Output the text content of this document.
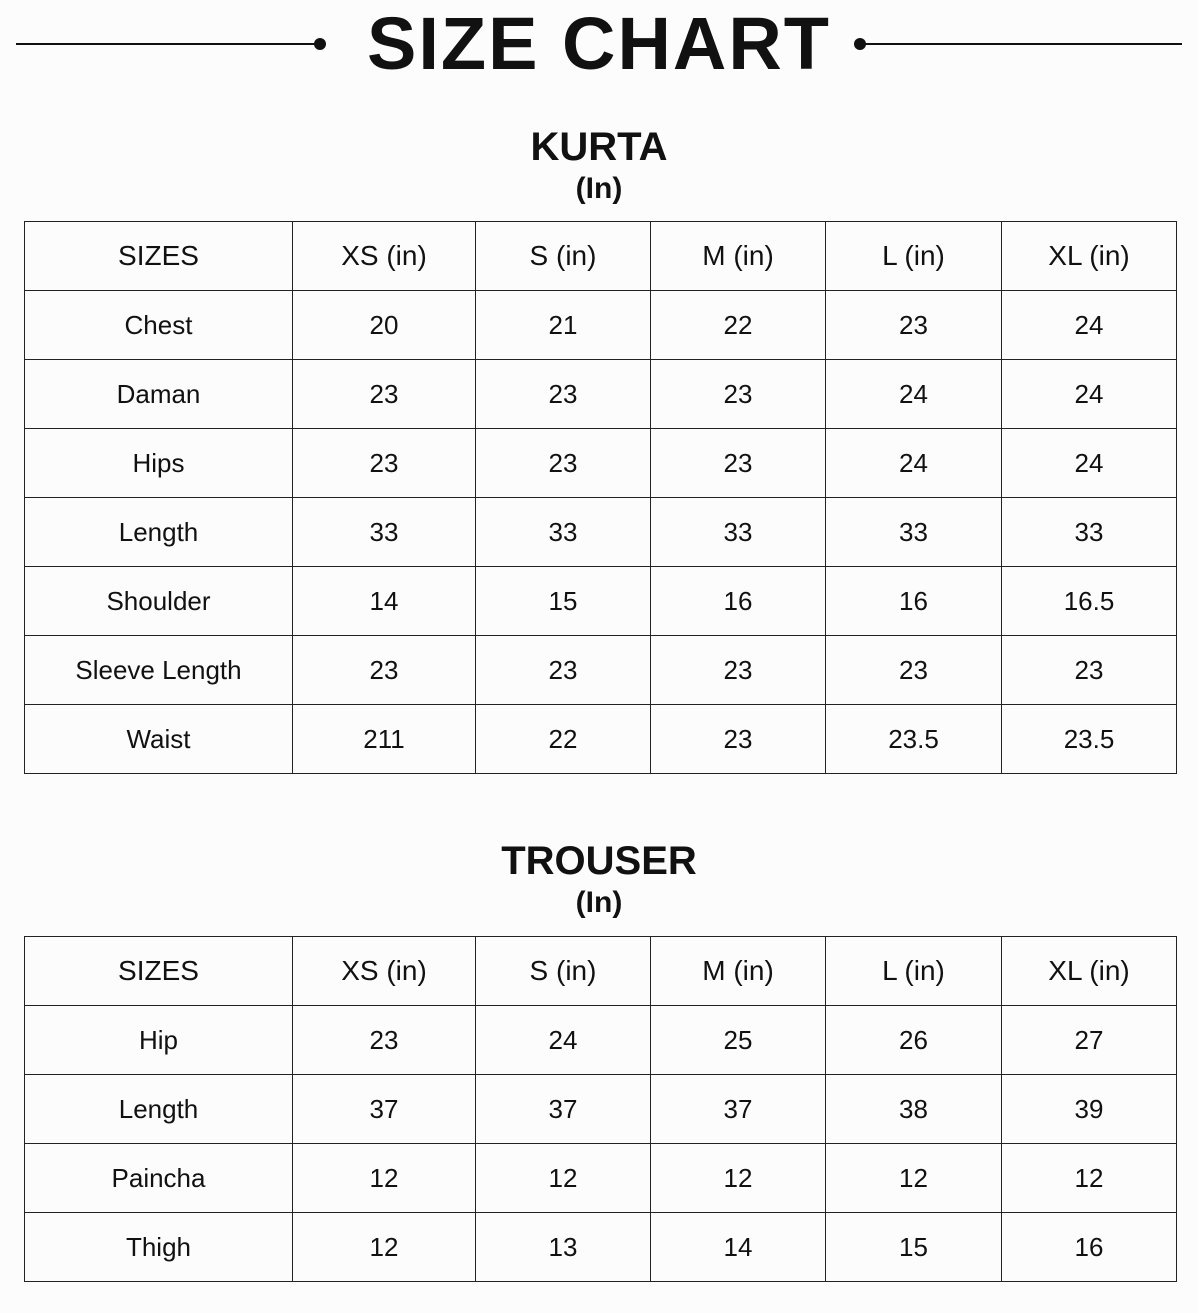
SIZE CHART
KURTA
(In)
SIZES	XS (in)	S (in)	M (in)	L (in)	XL (in)
Chest	20	21	22	23	24
Daman	23	23	23	24	24
Hips	23	23	23	24	24
Length	33	33	33	33	33
Shoulder	14	15	16	16	16.5
Sleeve Length	23	23	23	23	23
Waist	211	22	23	23.5	23.5
TROUSER
(In)
SIZES	XS (in)	S (in)	M (in)	L (in)	XL (in)
Hip	23	24	25	26	27
Length	37	37	37	38	39
Paincha	12	12	12	12	12
Thigh	12	13	14	15	16
